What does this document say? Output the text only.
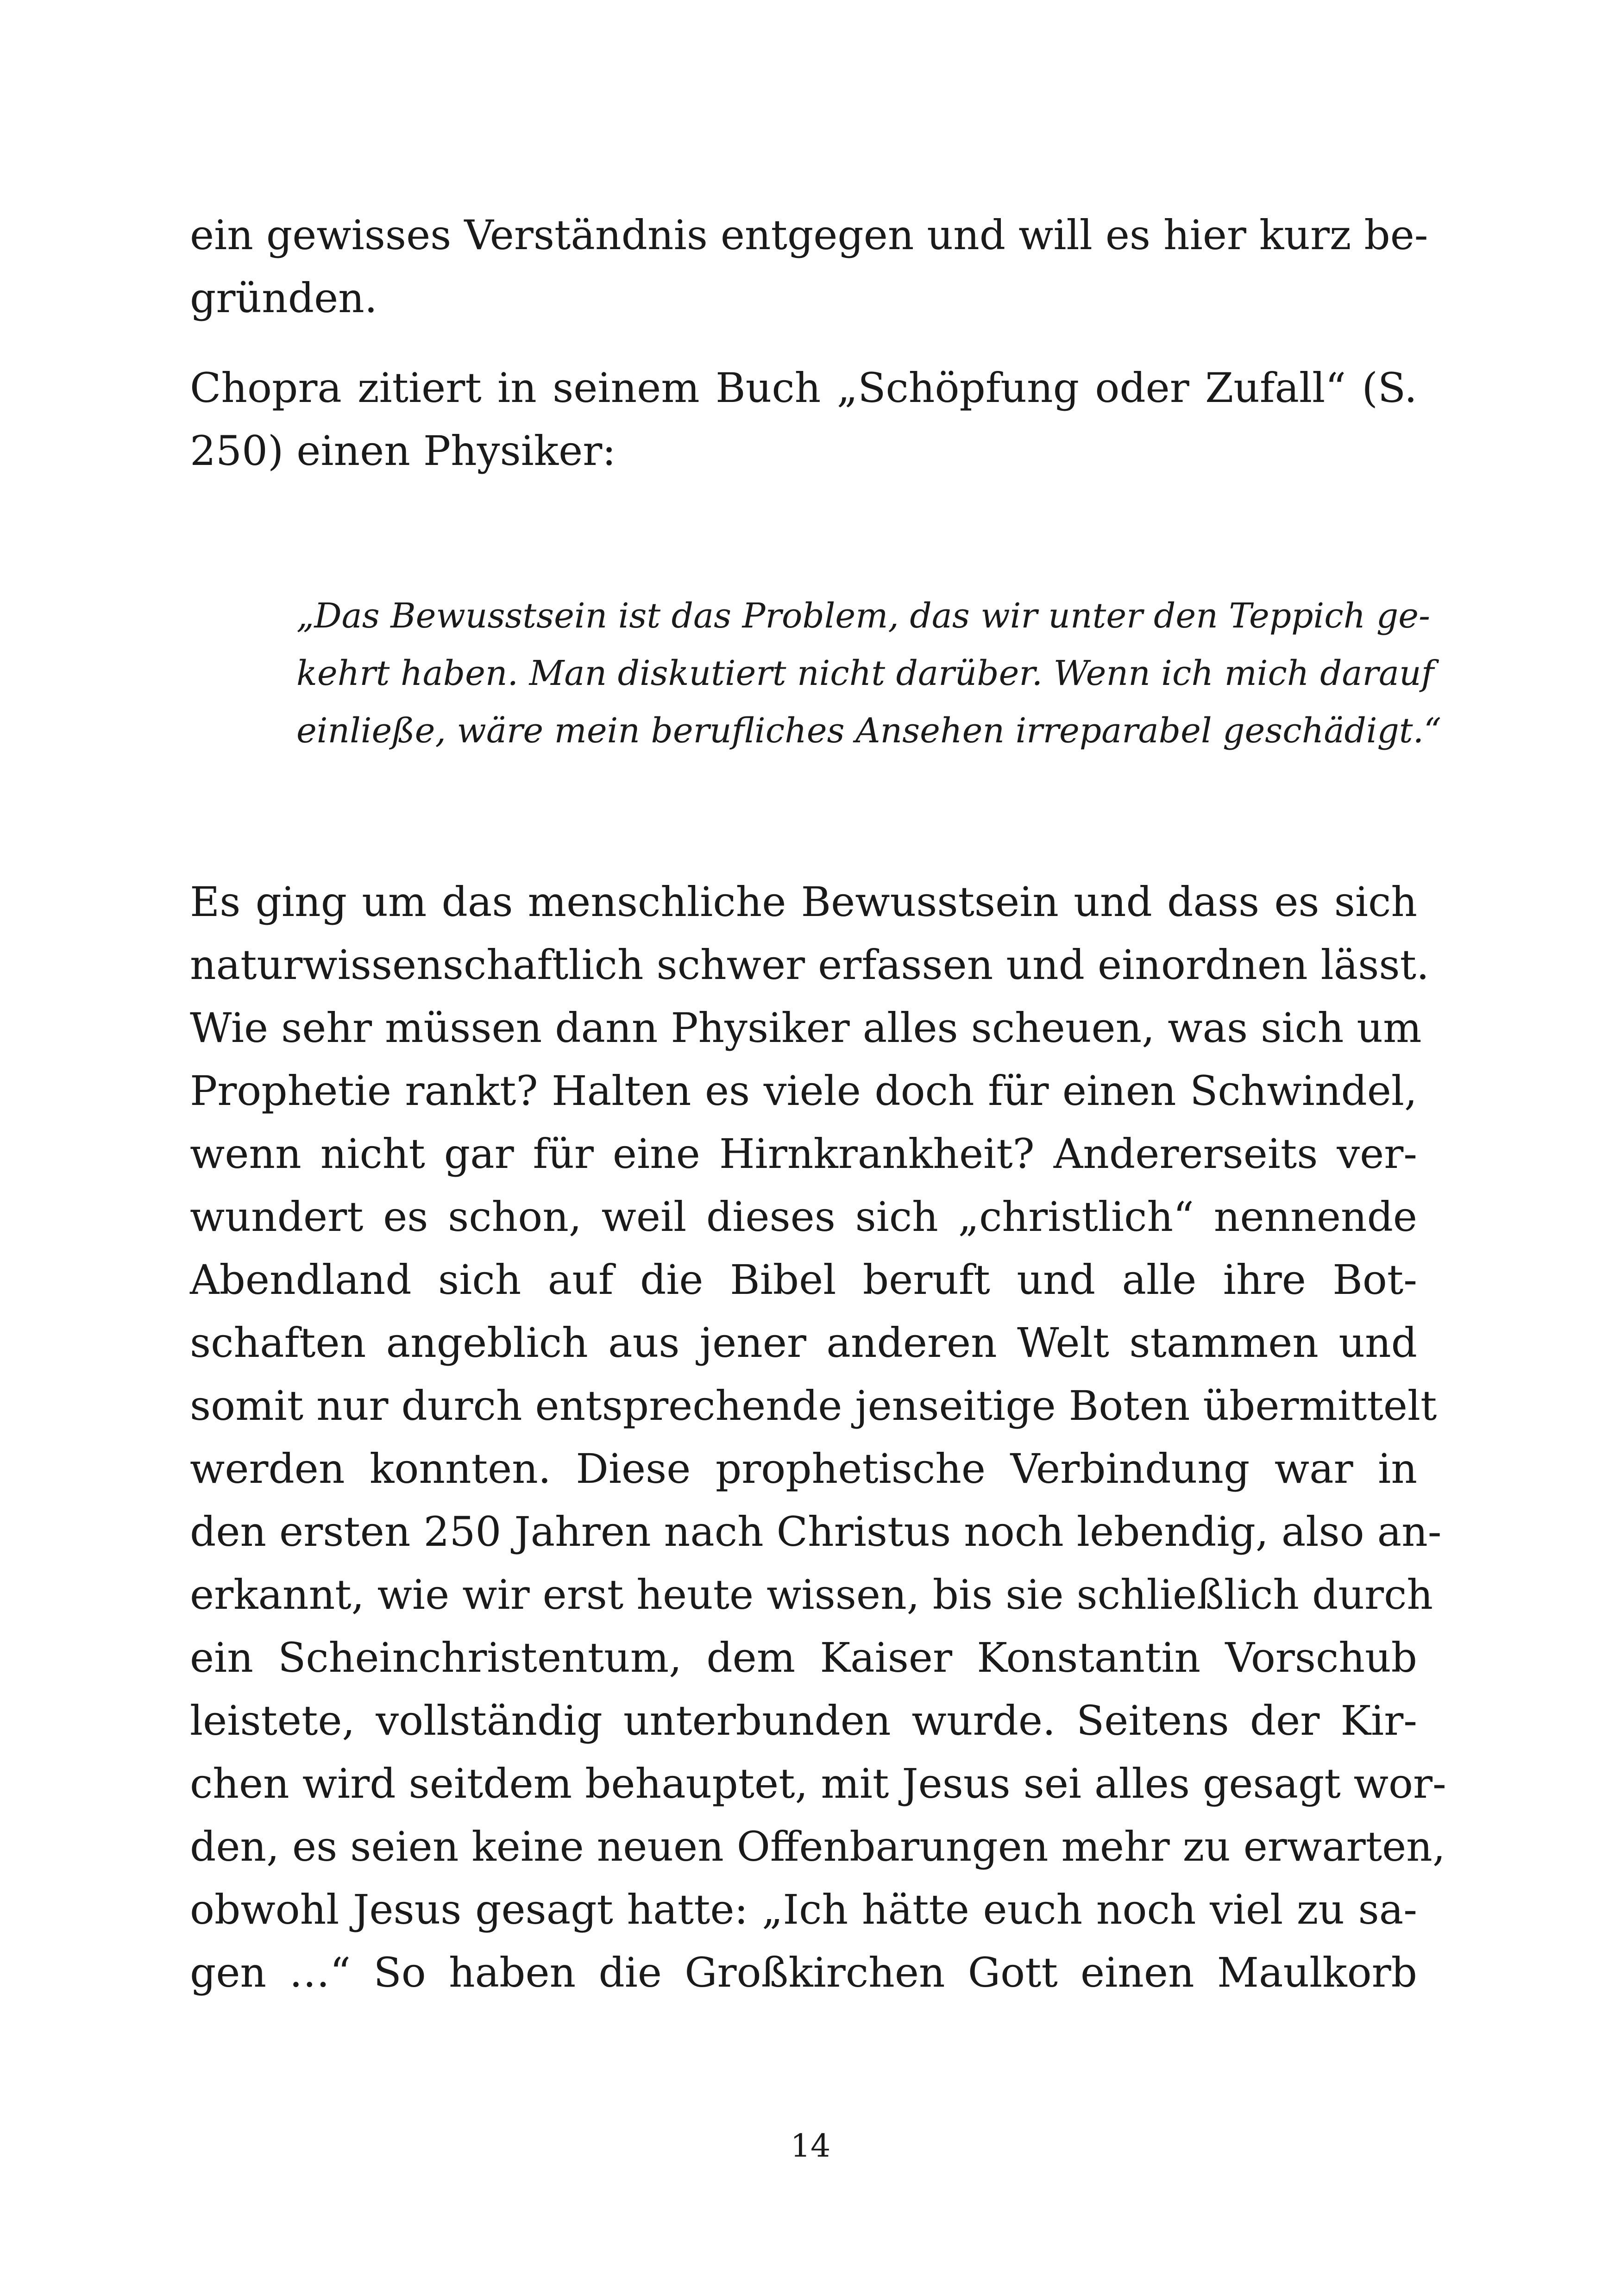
ein gewisses Verständnis entgegen und will es hier kurz be-
gründen.

Chopra zitiert in seinem Buch „Schöpfung oder Zufall“ (S.
250) einen Physiker:

„Das Bewusstsein ist das Problem, das wir unter den Teppich ge-
kehrt haben. Man diskutiert nicht darüber. Wenn ich mich darauf
einließe, wäre mein berufliches Ansehen irreparabel geschädigt.“

Es ging um das menschliche Bewusstsein und dass es sich
naturwissenschaftlich schwer erfassen und einordnen lässt.
Wie sehr müssen dann Physiker alles scheuen, was sich um
Prophetie rankt? Halten es viele doch für einen Schwindel,
wenn nicht gar für eine Hirnkrankheit? Andererseits ver-
wundert es schon, weil dieses sich „christlich“ nennende
Abendland sich auf die Bibel beruft und alle ihre Bot-
schaften angeblich aus jener anderen Welt stammen und
somit nur durch entsprechende jenseitige Boten übermittelt
werden konnten. Diese prophetische Verbindung war in
den ersten 250 Jahren nach Christus noch lebendig, also an-
erkannt, wie wir erst heute wissen, bis sie schließlich durch
ein Scheinchristentum, dem Kaiser Konstantin Vorschub
leistete, vollständig unterbunden wurde. Seitens der Kir-
chen wird seitdem behauptet, mit Jesus sei alles gesagt wor-
den, es seien keine neuen Offenbarungen mehr zu erwarten,
obwohl Jesus gesagt hatte: „Ich hätte euch noch viel zu sa-
gen …“ So haben die Großkirchen Gott einen Maulkorb

14
